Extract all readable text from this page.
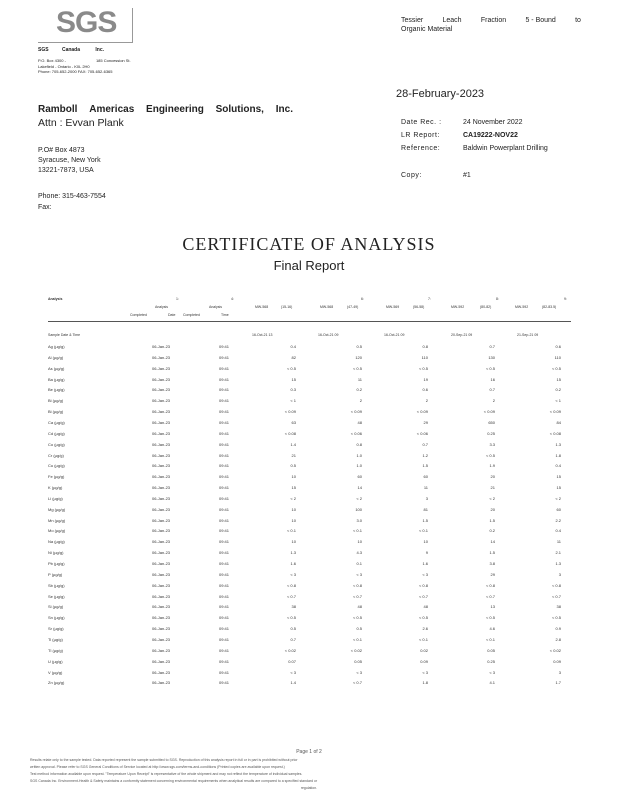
SGS
SGS	Canada	Inc.
P.O. Box 4300 -	185 Concession St.
Lakefield - Ontario - K0L 2H0
Phone: 705-652-2000 FAX: 705-652-6365
Tessier	Leach	Fraction	5 - Bound	to
Organic Material
28-February-2023
Ramboll Americas Engineering Solutions, Inc.
Attn : Evvan Plank
P.O# Box 4873
Syracuse, New York
13221-7873, USA
Phone: 315-463-7554
Fax:
Date Rec. :	24 November 2022
LR Report:	CA19222-NOV22
Reference:	Baldwin Powerplant Drilling
Copy:	#1
CERTIFICATE OF ANALYSIS
Final Report
Analysis	1:	4:	6:	7:	8:	9:
Analysis	Analysis
Completed	Date Completed	Time
MW-568	(15-16)	MW-568	(47-49)	MW-569	(56-58)	MW-592	(80-82)	MW-592	(82-83.5)
Sample Date & Time	16-Oct-21 13	16-Oct-21 09	16-Oct-21 09	20-Sep-21 09	21-Sep-21 09
Ag (µg/g)	06-Jan-23	09:41	0.4	0.5	0.8	0.7	0.6
Al (µg/g)	06-Jan-23	09:41	82	120	110	130	110
As (µg/g)	06-Jan-23	09:41	< 0.5	< 0.5	< 0.5	< 0.5	< 0.5
Ba (µg/g)	06-Jan-23	09:41	15	11	19	16	15
Be (µg/g)	06-Jan-23	09:41	0.3	0.2	0.6	0.7	0.2
Bi (µg/g)	06-Jan-23	09:41	< 1	2	2	2	< 1
Bi (µg/g)	06-Jan-23	09:41	< 0.09	< 0.09	< 0.09	< 0.09	< 0.09
Ca (µg/g)	06-Jan-23	09:41	63	48	29	650	84
Cd (µg/g)	06-Jan-23	09:41	< 0.08	< 0.06	< 0.06	0.25	< 0.08
Co (µg/g)	06-Jan-23	09:41	1.4	0.8	0.7	3.3	1.3
Cr (µg/g)	06-Jan-23	09:41	21	1.0	1.2	< 0.5	1.8
Cu (µg/g)	06-Jan-23	09:41	0.5	1.0	1.5	1.9	0.4
Fe (µg/g)	06-Jan-23	09:41	10	60	60	20	15
K (µg/g)	06-Jan-23	09:41	15	14	11	21	15
Li (µg/g)	06-Jan-23	09:41	< 2	< 2	3	< 2	< 2
Mg (µg/g)	06-Jan-23	09:41	10	100	81	20	60
Mn (µg/g)	06-Jan-23	09:41	10	3.0	1.5	1.5	2.2
Mo (µg/g)	06-Jan-23	09:41	< 0.1	< 0.1	< 0.1	0.2	0.4
Na (µg/g)	06-Jan-23	09:41	10	10	10	14	11
Ni (µg/g)	06-Jan-23	09:41	1.3	4.3	9	1.5	2.1
Pb (µg/g)	06-Jan-23	09:41	1.6	0.1	1.6	3.8	1.3
P (µg/g)	06-Jan-23	09:41	< 3	< 3	< 3	29	3
Sb (µg/g)	06-Jan-23	09:41	< 0.8	< 0.8	< 0.8	< 0.8	< 0.8
Se (µg/g)	06-Jan-23	09:41	< 0.7	< 0.7	< 0.7	< 0.7	< 0.7
Si (µg/g)	06-Jan-23	09:41	38	48	48	13	38
Sn (µg/g)	06-Jan-23	09:41	< 0.5	< 0.5	< 0.5	< 0.5	< 0.5
Sr (µg/g)	06-Jan-23	09:41	0.5	0.5	2.6	4.6	0.9
Ti (µg/g)	06-Jan-23	09:41	0.7	< 0.1	< 0.1	< 0.1	2.8
Tl (µg/g)	06-Jan-23	09:41	< 0.02	< 0.02	0.02	0.05	< 0.02
U (µg/g)	06-Jan-23	09:41	0.07	0.05	0.09	0.25	0.09
V (µg/g)	06-Jan-23	09:41	< 3	< 3	< 3	< 3	3
Zn (µg/g)	06-Jan-23	09:41	1.4	< 0.7	1.8	4.1	1.7
Page 1 of 2
Results relate only to the sample tested. Data reported represent the sample submitted to SGS. Reproduction of this analysis report in full or in part is prohibited without prior
written approval. Please refer to SGS General Conditions of Service located at http://www.sgs.com/terms-and-conditions (Printed copies are available upon request.)
Test method information available upon request. "Temperature Upon Receipt" is representative of the whole shipment and may not reflect the temperature of individual samples.
SGS Canada Inc. Environment-Health & Safety maintains a conformity statement concerning environmental requirements when analytical results are compared to a specified standard or
regulation.
